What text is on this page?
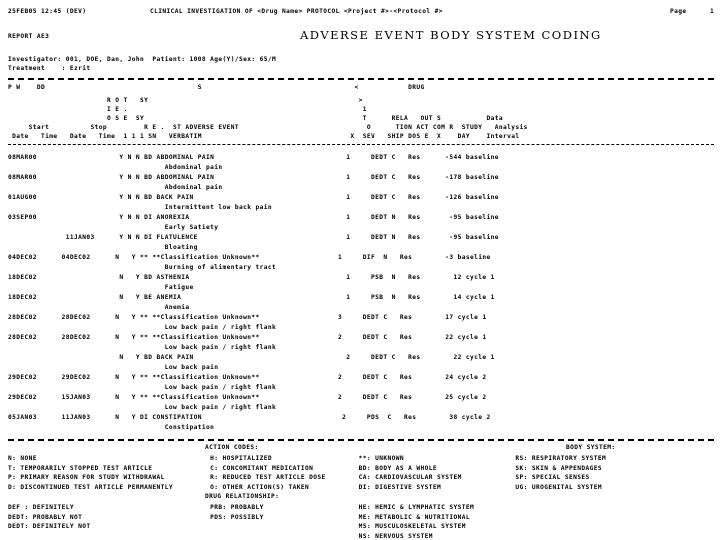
25FEB05 12:45 (DEV)	CLINICAL INVESTIGATION OF <Drug Name> PROTOCOL <Project #>-<Protocol #>	Page	1
REPORT AE3	ADVERSE EVENT BODY SYSTEM CODING
Investigator: 001, DOE, Dan, John  Patient: 1008 Age(Y)/Sex: 65/M
Treatment    : Ezrit
P W    DD                                     S                                     <            DRUG
R O T   SY                                                   >
I E .                                                         1
O S E  SY                                                     T      RELA   OUT S           Data
Start          Stop         R E .  ST ADVERSE EVENT                               O      TION ACT COM R  STUDY   Analysis
Date   Time   Date   Time  1 1 1 SN   VERBATIM                                    X  SEV   SHIP DOS E  X    DAY    Interval
08MAR00                    Y N N BD ABDOMINAL PAIN                                1     DEDT C   Res      -544 baseline
Abdominal pain
08MAR00                    Y N N BD ABDOMINAL PAIN                                1     DEDT C   Res      -178 baseline
Abdominal pain
01AUG00                    Y N N BD BACK PAIN                                     1     DEDT C   Res      -126 baseline
Intermittent low back pain
03SEP00                    Y N N DI ANOREXIA                                      1     DEDT N   Res       -95 baseline
Early Satiety
11JAN03      Y N N DI FLATULENCE                                    1     DEDT N   Res       -95 baseline
Bloating
04DEC02      04DEC02      N   Y ** **Classification Unknown**                   1     DIF  N   Res        -3 baseline
Burning of alimentary tract
18DEC02                    N   Y BD ASTHENIA                                      1     PSB  N   Res        12 cycle 1
Fatigue
18DEC02                    N   Y BE ANEMIA                                        1     PSB  N   Res        14 cycle 1
Anemia
28DEC02      28DEC02      N   Y ** **Classification Unknown**                   3     DEDT C   Res        17 cycle 1
Low back pain / right flank
28DEC02      28DEC02      N   Y ** **Classification Unknown**                   2     DEDT C   Res        22 cycle 1
Low back pain / right flank
N   Y BD BACK PAIN                                     2     DEDT C   Res        22 cycle 1
Low back pain
29DEC02      29DEC02      N   Y ** **Classification Unknown**                   2     DEDT C   Res        24 cycle 2
Low back pain / right flank
29DEC02      15JAN03      N   Y ** **Classification Unknown**                   2     DEDT C   Res        25 cycle 2
Low back pain / right flank
05JAN03      11JAN03      N   Y DI CONSTIPATION                                  2     PDS  C   Res        38 cycle 2
Constipation
ACTION CODES:	BODY SYSTEM:
N: NONE                                          H: HOSPITALIZED                     **: UNKNOWN                           RS: RESPIRATORY SYSTEM
T: TEMPORARILY STOPPED TEST ARTICLE              C: CONCOMITANT MEDICATION           BD: BODY AS A WHOLE                   SK: SKIN & APPENDAGES
P: PRIMARY REASON FOR STUDY WITHDRAWAL           R: REDUCED TEST ARTICLE DOSE        CA: CARDIOVASCULAR SYSTEM             SP: SPECIAL SENSES
D: DISCONTINUED TEST ARTICLE PERMANENTLY         O: OTHER ACTION(S) TAKEN            DI: DIGESTIVE SYSTEM                  UG: UROGENITAL SYSTEM
DRUG RELATIONSHIP:
DEF : DEFINITELY                                 PRB: PROBABLY                       HE: HEMIC & LYMPHATIC SYSTEM
DEDT: PROBABLY NOT                               PDS: POSSIBLY                       ME: METABOLIC & NUTRITIONAL
DEDT: DEFINITELY NOT                                                                 MS: MUSCULOSKELETAL SYSTEM
NS: NERVOUS SYSTEM
